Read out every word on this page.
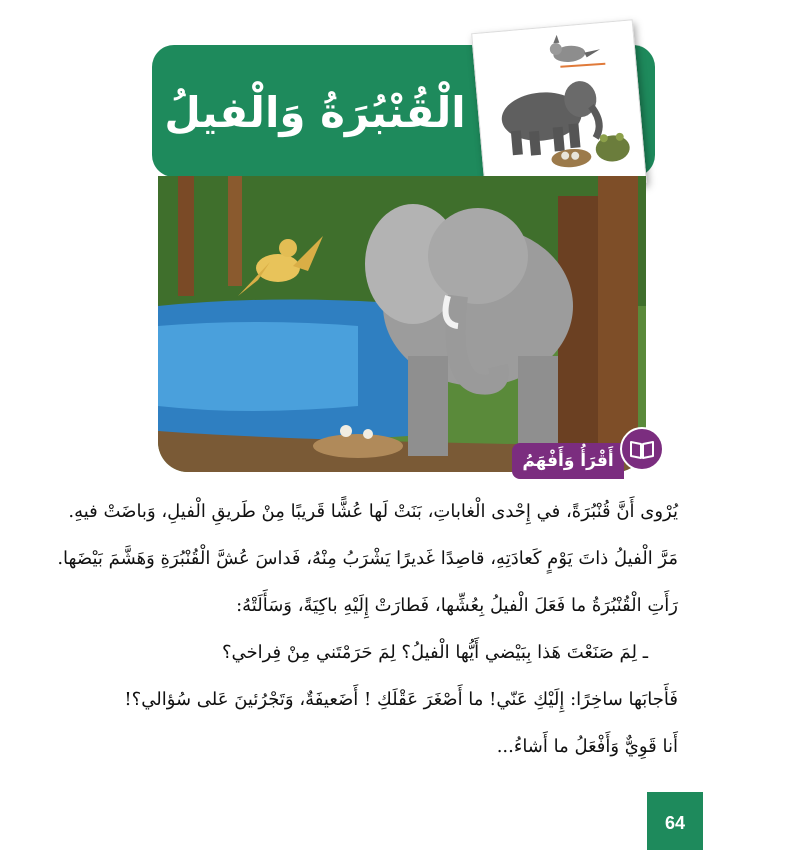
الْقُنْبُرَةُ وَالْفيلُ
أَقْرَأُ وَأَفْهَمُ

يُرْوى أَنَّ قُنْبُرَةً، في إِحْدى الْغاباتِ، بَنَتْ لَها عُشًّا قَريبًا مِنْ طَريقِ الْفيلِ، وَباضَتْ فيهِ.

مَرَّ الْفيلُ ذاتَ يَوْمٍ كَعادَتِهِ، قاصِدًا غَديرًا يَشْرَبُ مِنْهُ، فَداسَ عُشَّ الْقُنْبُرَةِ وَهَشَّمَ بَيْضَها.

رَأَتِ الْقُنْبُرَةُ ما فَعَلَ الْفيلُ بِعُشِّها، فَطارَتْ إِلَيْهِ باكِيَةً، وَسَأَلَتْهُ:

ـ لِمَ صَنَعْتَ هَذا بِبَيْضي أَيُّها الْفيلُ؟ لِمَ حَرَمْتَني مِنْ فِراخي؟

فَأَجابَها ساخِرًا: إِلَيْكِ عَنّي! ما أَصْغَرَ عَقْلَكِ ! أَضَعيفَةٌ، وَتَجْرُئينَ عَلى سُؤالي؟!

أَنا قَوِيٌّ وَأَفْعَلُ ما أَشاءُ...

64
